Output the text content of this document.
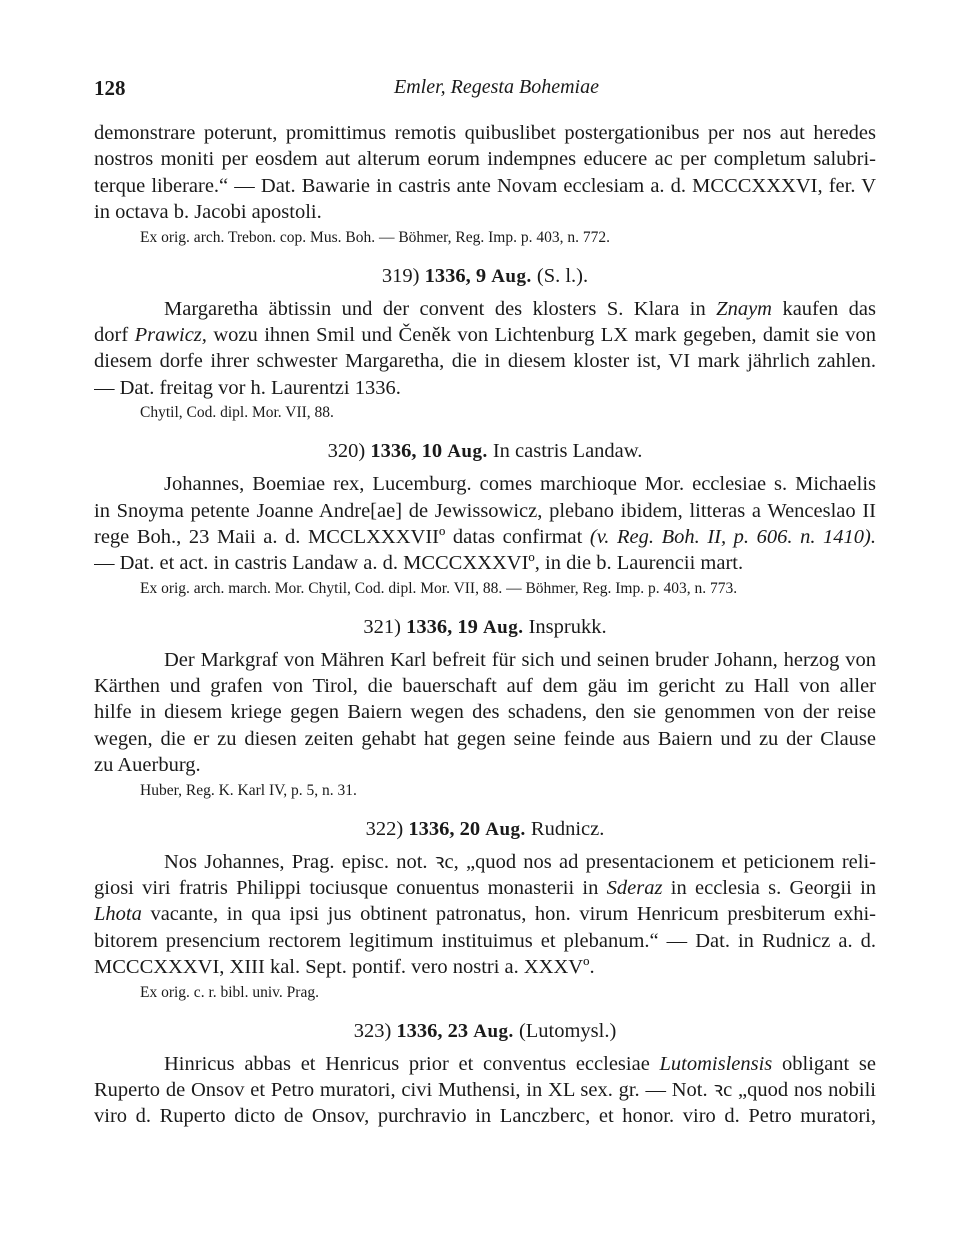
128	Emler, Regesta Bohemiae
demonstrare poterunt, promittimus remotis quibuslibet postergationibus per nos aut heredes
nostros moniti per eosdem aut alterum eorum indempnes educere ac per completum salubri-
terque liberare.“ — Dat. Bawarie in castris ante Novam ecclesiam a. d. MCCCXXXVI, fer. V
in octava b. Jacobi apostoli.
Ex orig. arch. Trebon. cop. Mus. Boh. — Böhmer, Reg. Imp. p. 403, n. 772.
319) 1336, 9 Aug. (S. l.).
Margaretha äbtissin und der convent des klosters S. Klara in Znaym kaufen das
dorf Prawicz, wozu ihnen Smil und Čeněk von Lichtenburg LX mark gegeben, damit sie von
diesem dorfe ihrer schwester Margaretha, die in diesem kloster ist, VI mark jährlich zahlen.
— Dat. freitag vor h. Laurentzi 1336.
Chytil, Cod. dipl. Mor. VII, 88.
320) 1336, 10 Aug. In castris Landaw.
Johannes, Boemiae rex, Lucemburg. comes marchioque Mor. ecclesiae s. Michaelis
in Snoyma petente Joanne Andre[ae] de Jewissowicz, plebano ibidem, litteras a Wenceslao II
rege Boh., 23 Maii a. d. MCCLXXXVIIº datas confirmat (v. Reg. Boh. II, p. 606. n. 1410).
— Dat. et act. in castris Landaw a. d. MCCCXXXVIº, in die b. Laurencii mart.
Ex orig. arch. march. Mor. Chytil, Cod. dipl. Mor. VII, 88. — Böhmer, Reg. Imp. p. 403, n. 773.
321) 1336, 19 Aug. Insprukk.
Der Markgraf von Mähren Karl befreit für sich und seinen bruder Johann, herzog von
Kärthen und grafen von Tirol, die bauerschaft auf dem gäu im gericht zu Hall von aller
hilfe in diesem kriege gegen Baiern wegen des schadens, den sie genommen von der reise
wegen, die er zu diesen zeiten gehabt hat gegen seine feinde aus Baiern und zu der Clause
zu Auerburg.
Huber, Reg. K. Karl IV, p. 5, n. 31.
322) 1336, 20 Aug. Rudnicz.
Nos Johannes, Prag. episc. not. ꝛc, „quod nos ad presentacionem et peticionem reli-
giosi viri fratris Philippi tociusque conuentus monasterii in Sderaz in ecclesia s. Georgii in
Lhota vacante, in qua ipsi jus obtinent patronatus, hon. virum Henricum presbiterum exhi-
bitorem presencium rectorem legitimum instituimus et plebanum.“ — Dat. in Rudnicz a. d.
MCCCXXXVI, XIII kal. Sept. pontif. vero nostri a. XXXVº.
Ex orig. c. r. bibl. univ. Prag.
323) 1336, 23 Aug. (Lutomysl.)
Hinricus abbas et Henricus prior et conventus ecclesiae Lutomislensis obligant se
Ruperto de Onsov et Petro muratori, civi Muthensi, in XL sex. gr. — Not. ꝛc „quod nos nobili
viro d. Ruperto dicto de Onsov, purchravio in Lanczberc, et honor. viro d. Petro muratori,
